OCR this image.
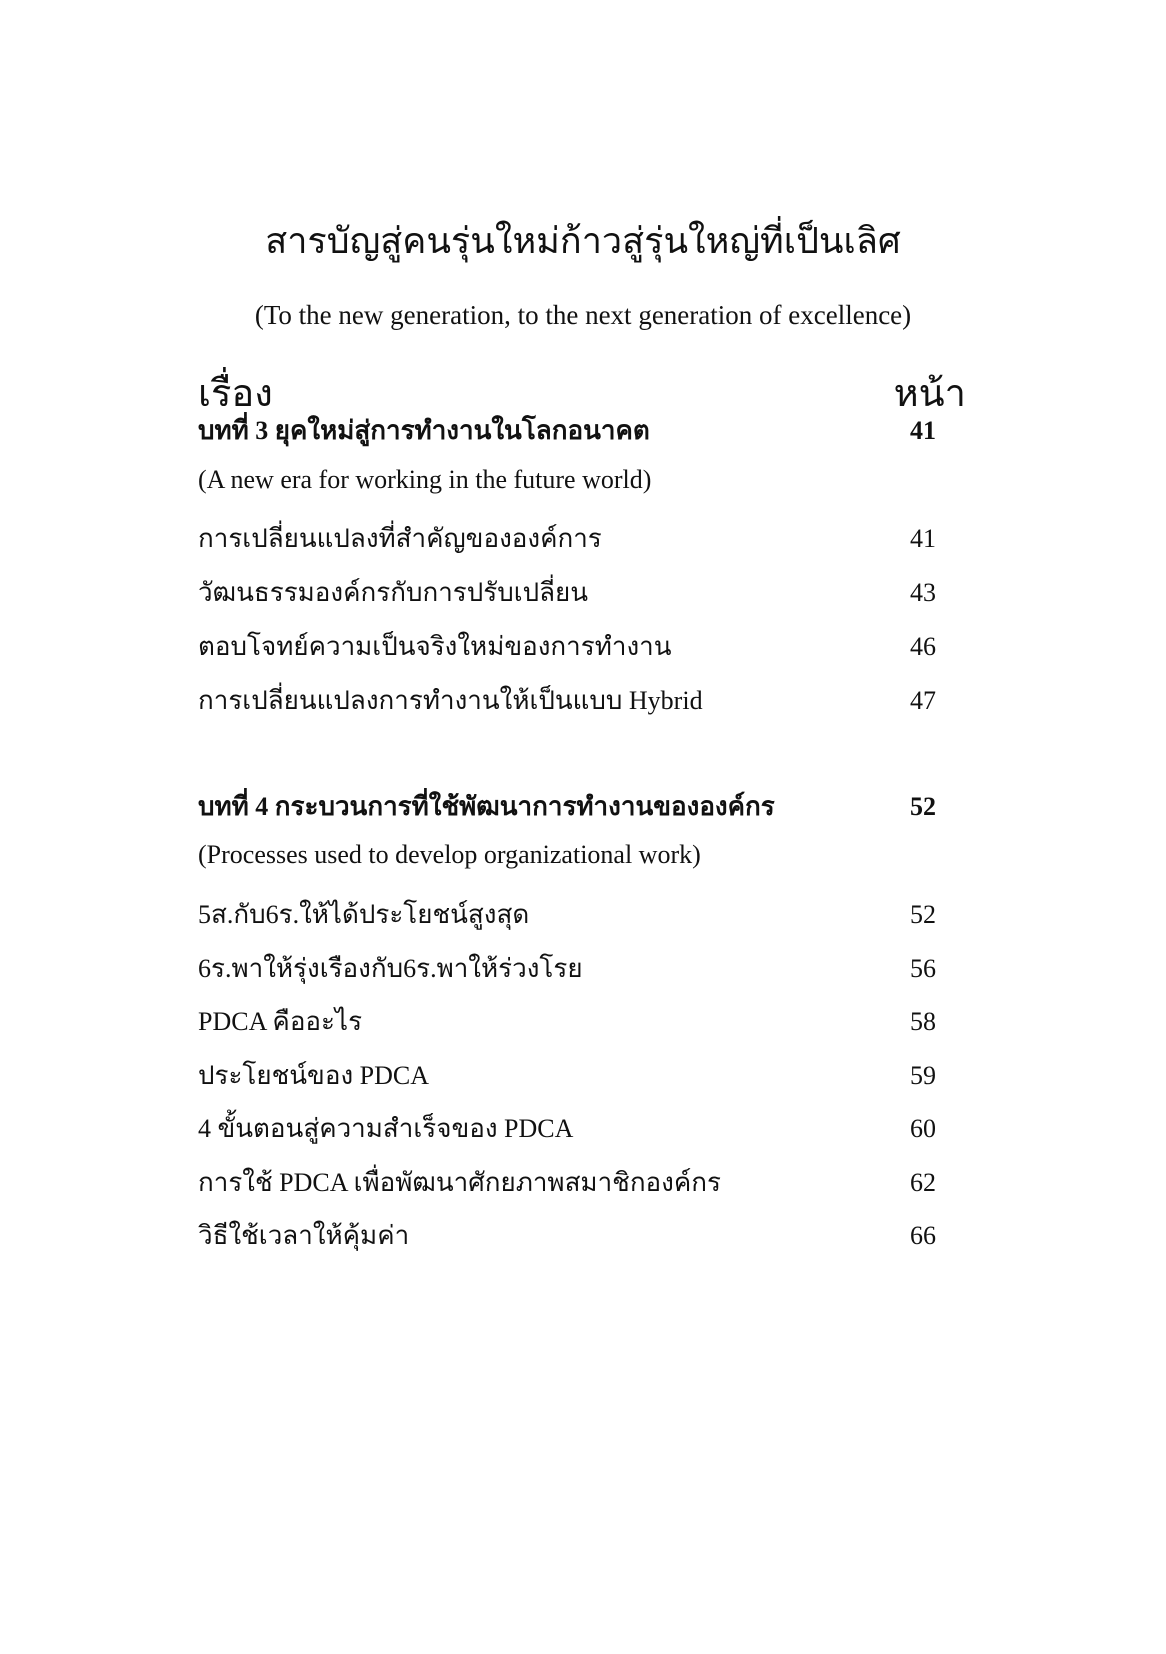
สารบัญสู่คนรุ่นใหม่ก้าวสู่รุ่นใหญ่ที่เป็นเลิศ

(To the new generation, to the next generation of excellence)

เรื่อง	หน้า
บทที่ 3 ยุคใหม่สู่การทำงานในโลกอนาคต	41
(A new era for working in the future world)
การเปลี่ยนแปลงที่สำคัญขององค์การ	41
วัฒนธรรมองค์กรกับการปรับเปลี่ยน	43
ตอบโจทย์ความเป็นจริงใหม่ของการทำงาน	46
การเปลี่ยนแปลงการทำงานให้เป็นแบบ Hybrid	47
บทที่ 4 กระบวนการที่ใช้พัฒนาการทำงานขององค์กร	52
(Processes used to develop organizational work)
5ส.กับ6ร.ให้ได้ประโยชน์สูงสุด	52
6ร.พาให้รุ่งเรืองกับ6ร.พาให้ร่วงโรย	56
PDCA คืออะไร	58
ประโยชน์ของ PDCA	59
4 ขั้นตอนสู่ความสำเร็จของ PDCA	60
การใช้ PDCA เพื่อพัฒนาศักยภาพสมาชิกองค์กร	62
วิธีใช้เวลาให้คุ้มค่า	66
